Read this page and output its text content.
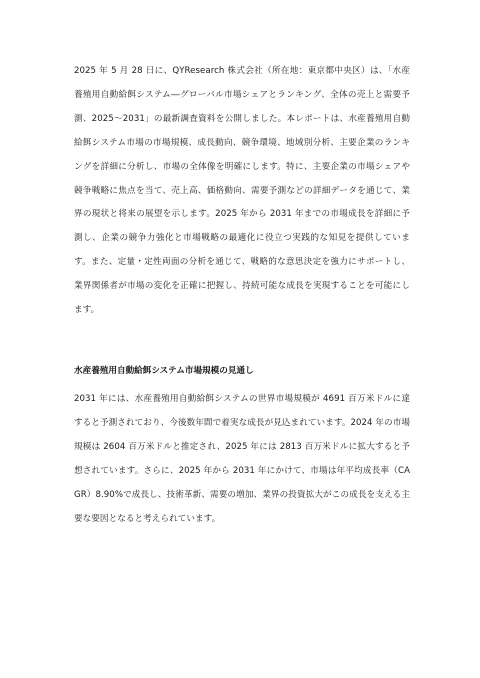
2025 年 5 月 28 日に、QYResearch 株式会社（所在地：東京都中央区）は、「水産養殖用自動給餌システム―グローバル市場シェアとランキング、全体の売上と需要予測、2025～2031」の最新調査資料を公開しました。本レポートは、水産養殖用自動給餌システム市場の市場規模、成長動向、競争環境、地域別分析、主要企業のランキングを詳細に分析し、市場の全体像を明確にします。特に、主要企業の市場シェアや競争戦略に焦点を当て、売上高、価格動向、需要予測などの詳細データを通じて、業界の現状と将来の展望を示します。2025 年から 2031 年までの市場成長を詳細に予測し、企業の競争力強化と市場戦略の最適化に役立つ実践的な知見を提供しています。また、定量・定性両面の分析を通じて、戦略的な意思決定を強力にサポートし、業界関係者が市場の変化を正確に把握し、持続可能な成長を実現することを可能にします。

水産養殖用自動給餌システム市場規模の見通し

2031 年には、水産養殖用自動給餌システムの世界市場規模が 4691 百万米ドルに達すると予測されており、今後数年間で着実な成長が見込まれています。2024 年の市場規模は 2604 百万米ドルと推定され、2025 年には 2813 百万米ドルに拡大すると予想されています。さらに、2025 年から 2031 年にかけて、市場は年平均成長率（CAGR）8.90%で成長し、技術革新、需要の増加、業界の投資拡大がこの成長を支える主要な要因となると考えられています。
